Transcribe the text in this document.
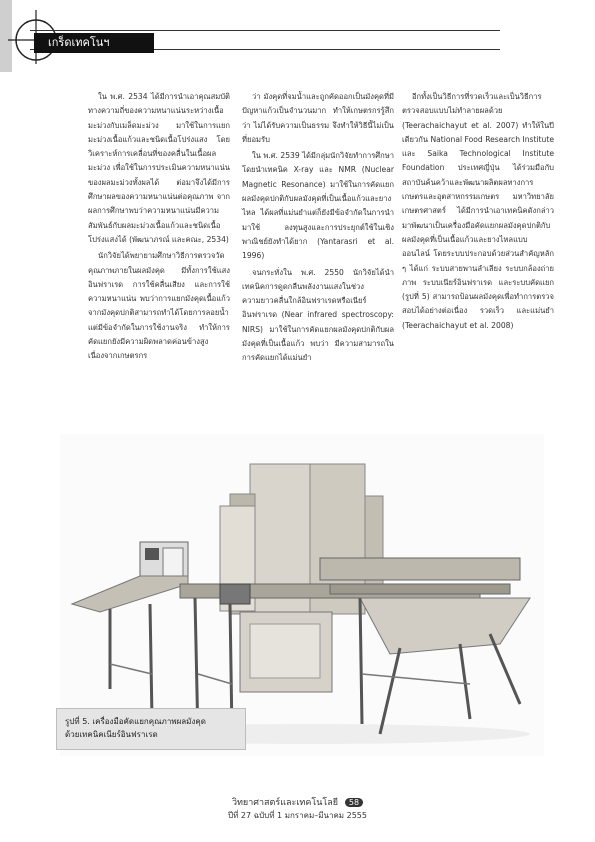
เกร็ดเทคโนฯ

ใน พ.ศ. 2534 ได้มีการนำเอาคุณสมบัติทางความถี่ของความหนาแน่นระหว่างเนื้อมะม่วงกับเมล็ดมะม่วง มาใช้ในการแยกมะม่วงเนื้อแก้วและชนิดเนื้อโปร่งแสง โดยวิเคราะห์การเคลื่อนที่ของคลื่นในเนื้อผลมะม่วง เพื่อใช้ในการประเมินความหนาแน่นของผลมะม่วงทั้งผลได้ ต่อมาจึงได้มีการศึกษาผลของความหนาแน่นต่อคุณภาพ จากผลการศึกษาพบว่าความหนาแน่นมีความสัมพันธ์กับผลมะม่วงเนื้อแก้วและชนิดเนื้อโปร่งแสงได้ (พัฒนาภรณ์ และคณะ, 2534)

นักวิจัยได้พยายามศึกษาวิธีการตรวจวัดคุณภาพภายในผลมังคุด มีทั้งการใช้แสงอินฟราเรด การใช้คลื่นเสียง และการใช้ความหนาแน่น พบว่าการแยกมังคุดเนื้อแก้วจากมังคุดปกติสามารถทำได้โดยการลอยน้ำ แต่มีข้อจำกัดในการใช้งานจริง ทำให้การคัดแยกยังมีความผิดพลาดค่อนข้างสูง เนื่องจากเกษตรกร

ว่า มังคุดที่จมน้ำและถูกคัดออกเป็นมังคุดที่มีปัญหาแก้วเป็นจำนวนมาก ทำให้เกษตรกรรู้สึกว่า ไม่ได้รับความเป็นธรรม จึงทำให้วิธีนี้ไม่เป็นที่ยอมรับ

ใน พ.ศ. 2539 ได้มีกลุ่มนักวิจัยทำการศึกษาโดยนำเทคนิค X-ray และ NMR (Nuclear Magnetic Resonance) มาใช้ในการคัดแยกผลมังคุดปกติกับผลมังคุดที่เป็นเนื้อแก้วและยางไหล ได้ผลที่แม่นยำแต่ก็ยังมีข้อจำกัดในการนำมาใช้ ลงทุนสูงและการประยุกต์ใช้ในเชิงพาณิชย์ยังทำได้ยาก (Yantarasri et al. 1996)

จนกระทั่งใน พ.ศ. 2550 นักวิจัยได้นำเทคนิคการดูดกลืนพลังงานแสงในช่วงความยาวคลื่นใกล้อินฟราเรดหรือเนียร์อินฟราเรด (Near infrared spectroscopy: NIRS) มาใช้ในการคัดแยกผลมังคุดปกติกับผลมังคุดที่เป็นเนื้อแก้ว พบว่า มีความสามารถในการคัดแยกได้แม่นยำ

อีกทั้งเป็นวิธีการที่รวดเร็วและเป็นวิธีการตรวจสอบแบบไม่ทำลายผลด้วย (Teerachaichayut et al. 2007) ทำให้ในปีเดียวกัน National Food Research Institute และ Saika Technological Institute Foundation ประเทศญี่ปุ่น ได้ร่วมมือกับสถาบันค้นคว้าและพัฒนาผลิตผลทางการเกษตรและอุตสาหกรรมเกษตร มหาวิทยาลัยเกษตรศาสตร์ ได้มีการนำเอาเทคนิคดังกล่าวมาพัฒนาเป็นเครื่องมือคัดแยกผลมังคุดปกติกับผลมังคุดที่เป็นเนื้อแก้วและยางไหลแบบออนไลน์ โดยระบบประกอบด้วยส่วนสำคัญหลัก ๆ ได้แก่ ระบบสายพานลำเลียง ระบบกล้องถ่ายภาพ ระบบเนียร์อินฟราเรด และระบบคัดแยก (รูปที่ 5) สามารถป้อนผลมังคุดเพื่อทำการตรวจสอบได้อย่างต่อเนื่อง รวดเร็ว และแม่นยำ (Teerachaichayut et al. 2008)

รูปที่ 5. เครื่องมือคัดแยกคุณภาพผลมังคุด
ด้วยเทคนิคเนียร์อินฟราเรด
วิทยาศาสตร์และเทคโนโลยี 58
ปีที่ 27 ฉบับที่ 1 มกราคม–มีนาคม 2555
